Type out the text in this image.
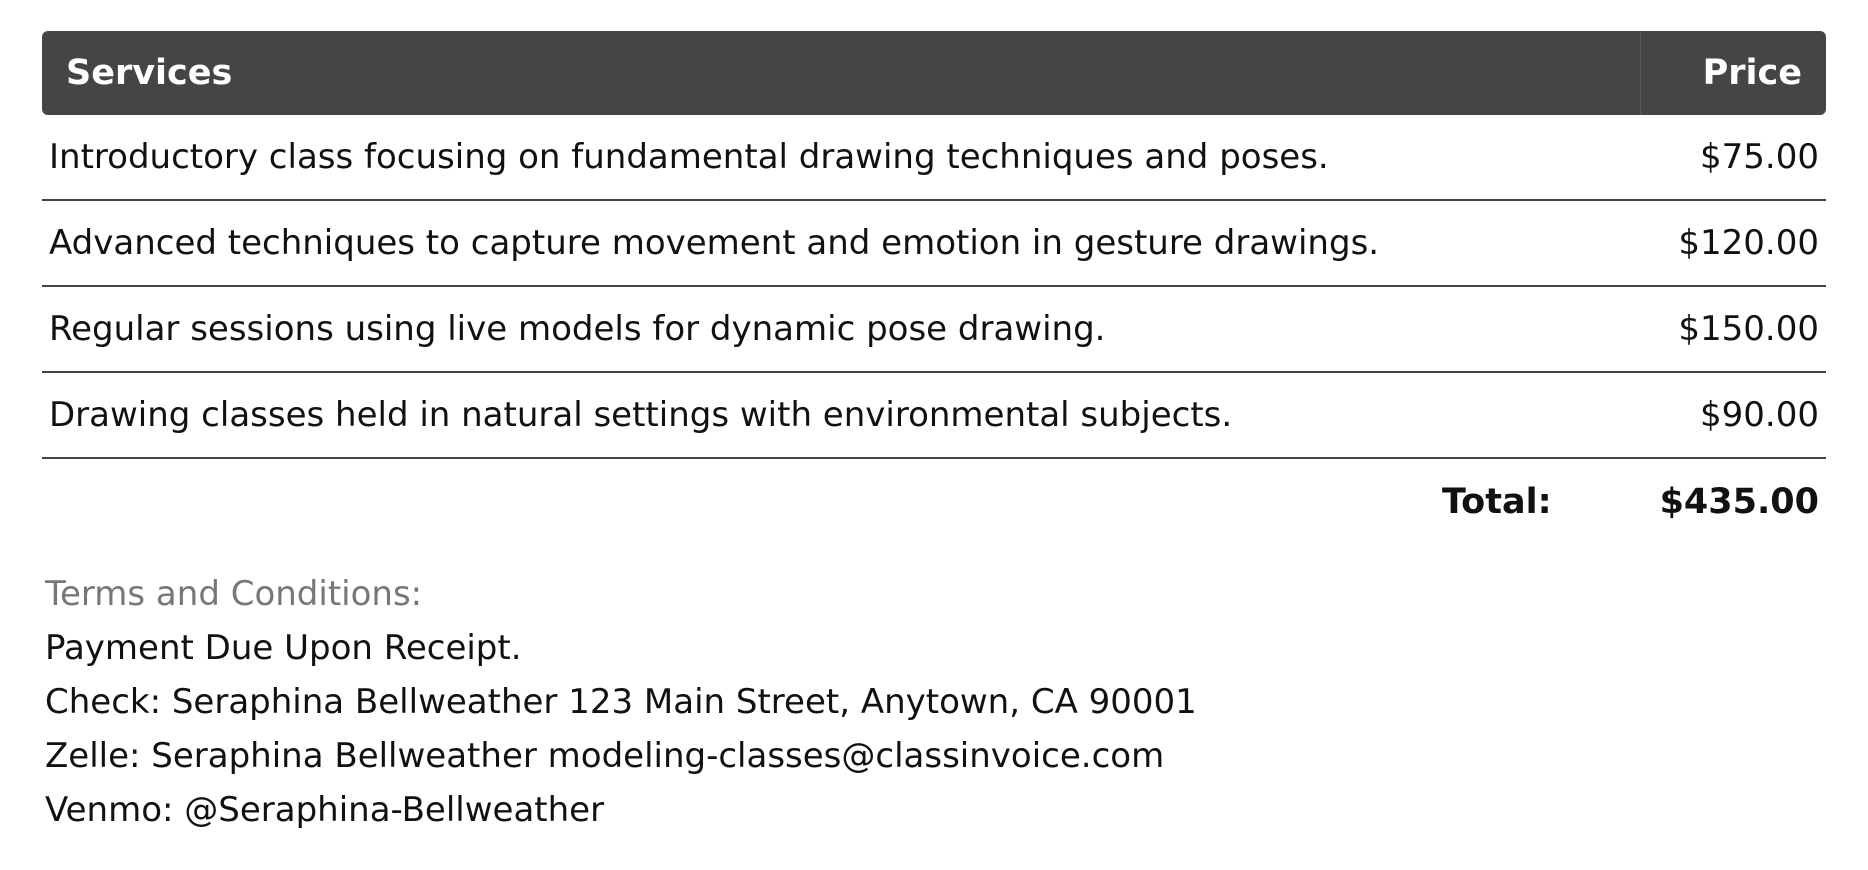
Services	Price
Introductory class focusing on fundamental drawing techniques and poses.	$75.00
Advanced techniques to capture movement and emotion in gesture drawings.	$120.00
Regular sessions using live models for dynamic pose drawing.	$150.00
Drawing classes held in natural settings with environmental subjects.	$90.00
Total:	$435.00
Terms and Conditions:
Payment Due Upon Receipt.
Check: Seraphina Bellweather 123 Main Street, Anytown, CA 90001
Zelle: Seraphina Bellweather modeling-classes@classinvoice.com
Venmo: @Seraphina-Bellweather
